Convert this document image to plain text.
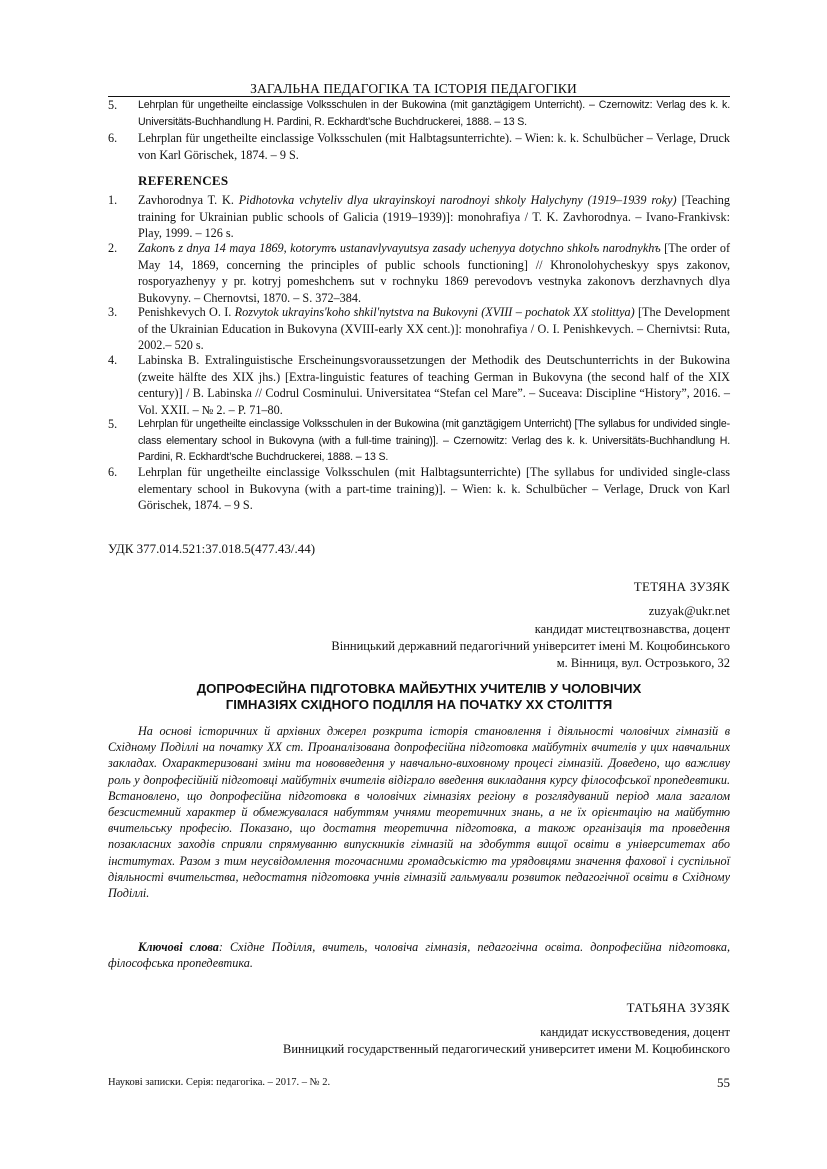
ЗАГАЛЬНА ПЕДАГОГІКА ТА ІСТОРІЯ ПЕДАГОГІКИ
5.	Lehrplan für ungetheilte einclassige Volksschulen in der Bukowina (mit ganztägigem Unterricht). – Czernowitz: Verlag des k. k. Universitäts-Buchhandlung H. Pardini, R. Eckhardt’sche Buchdruckerei, 1888. – 13 S.
6.	Lehrplan für ungetheilte einclassige Volksschulen (mit Halbtagsunterrichte). – Wien: k. k. Schulbücher – Verlage, Druck von Karl Görischek, 1874. – 9 S.
REFERENCES
1.	Zavhorodnya T. K. Pidhotovka vchyteliv dlya ukrayinskoyi narodnoyi shkoly Halychyny (1919–1939 roky) [Teaching training for Ukrainian public schools of Galicia (1919–1939)]: monohrafiya / T. K. Zavhorodnya. – Ivano-Frankivsk: Play, 1999. – 126 s.
2.	Zakonъ z dnya 14 maya 1869, kotorymъ ustanavlyvayutsya zasady uchenyya dotychno shkolъ narodnykhъ [The order of May 14, 1869, concerning the principles of public schools functioning] // Khronolohycheskyy spys zakonov, rosporyazhenyy y pr. kotryj pomeshchenъ sut v rochnyku 1869 perevodovъ vestnyka zakonovъ derzhavnych dlya Bukovyny. – Chernovtsi, 1870. – S. 372–384.
3.	Penishkevych O. I. Rozvytok ukrayins'koho shkil'nytstva na Bukovyni (XVIII – pochatok XX stolittya) [The Development of the Ukrainian Education in Bukovyna (XVIII-early XX cent.)]: monohrafiya / O. I. Penishkevych. – Chernivtsi: Ruta, 2002.– 520 s.
4.	Labinska B. Extralinguistische Erscheinungsvoraussetzungen der Methodik des Deutschunterrichts in der Bukowina (zweite hälfte des XIX jhs.) [Extra-linguistic features of teaching German in Bukovyna (the second half of the XIX century)] / B. Labinska // Codrul Cosminului. Universitatea “Stefan cel Mare”. – Suceava: Discipline “History”, 2016. – Vol. XXII. – № 2. – P. 71–80.
5.	Lehrplan für ungetheilte einclassige Volksschulen in der Bukowina (mit ganztägigem Unterricht) [The syllabus for undivided single-class elementary school in Bukovyna (with a full-time training)]. – Czernowitz: Verlag des k. k. Universitäts-Buchhandlung H. Pardini, R. Eckhardt’sche Buchdruckerei, 1888. – 13 S.
6.	Lehrplan für ungetheilte einclassige Volksschulen (mit Halbtagsunterrichte) [The syllabus for undivided single-class elementary school in Bukovyna (with a part-time training)]. – Wien: k. k. Schulbücher – Verlage, Druck von Karl Görischek, 1874. – 9 S.
УДК 377.014.521:37.018.5(477.43/.44)
ТЕТЯНА ЗУЗЯК
zuzyak@ukr.net
кандидат мистецтвознавства, доцент
Вінницький державний педагогічний університет імені М. Коцюбинського
м. Вінниця, вул. Острозького, 32
ДОПРОФЕСІЙНА ПІДГОТОВКА МАЙБУТНІХ УЧИТЕЛІВ У ЧОЛОВІЧИХ
ГІМНАЗІЯХ СХІДНОГО ПОДІЛЛЯ НА ПОЧАТКУ ХХ СТОЛІТТЯ
На основі історичних й архівних джерел розкрита історія становлення і діяльності чоловічих гімназій в Східному Поділлі на початку ХХ ст. Проаналізована допрофесійна підготовка майбутніх вчителів у цих навчальних закладах. Охарактеризовані зміни та нововведення у навчально-виховному процесі гімназій. Доведено, що важливу роль у допрофесійній підготовці майбутніх вчителів відіграло введення викладання курсу філософської пропедевтики. Встановлено, що допрофесійна підготовка в чоловічих гімназіях регіону в розглядуваний період мала загалом безсистемний характер й обмежувалася набуттям учнями теоретичних знань, а не їх орієнтацію на майбутню вчительську професію. Показано, що достатня теоретична підготовка, а також організація та проведення позакласних заходів сприяли спрямуванню випускників гімназій на здобуття вищої освіти в університетах або інститутах. Разом з тим неусвідомлення тогочасними громадськістю та урядовцями значення фахової і суспільної діяльності вчительства, недостатня підготовка учнів гімназій гальмували розвиток педагогічної освіти в Східному Поділлі.
Ключові слова: Східне Поділля, вчитель, чоловіча гімназія, педагогічна освіта. допрофесійна підготовка, філософська пропедевтика.
ТАТЬЯНА ЗУЗЯК
кандидат искусствоведения, доцент
Винницкий государственный педагогический университет имени М. Коцюбинского
Наукові записки. Серія: педагогіка. – 2017. – № 2.	55
